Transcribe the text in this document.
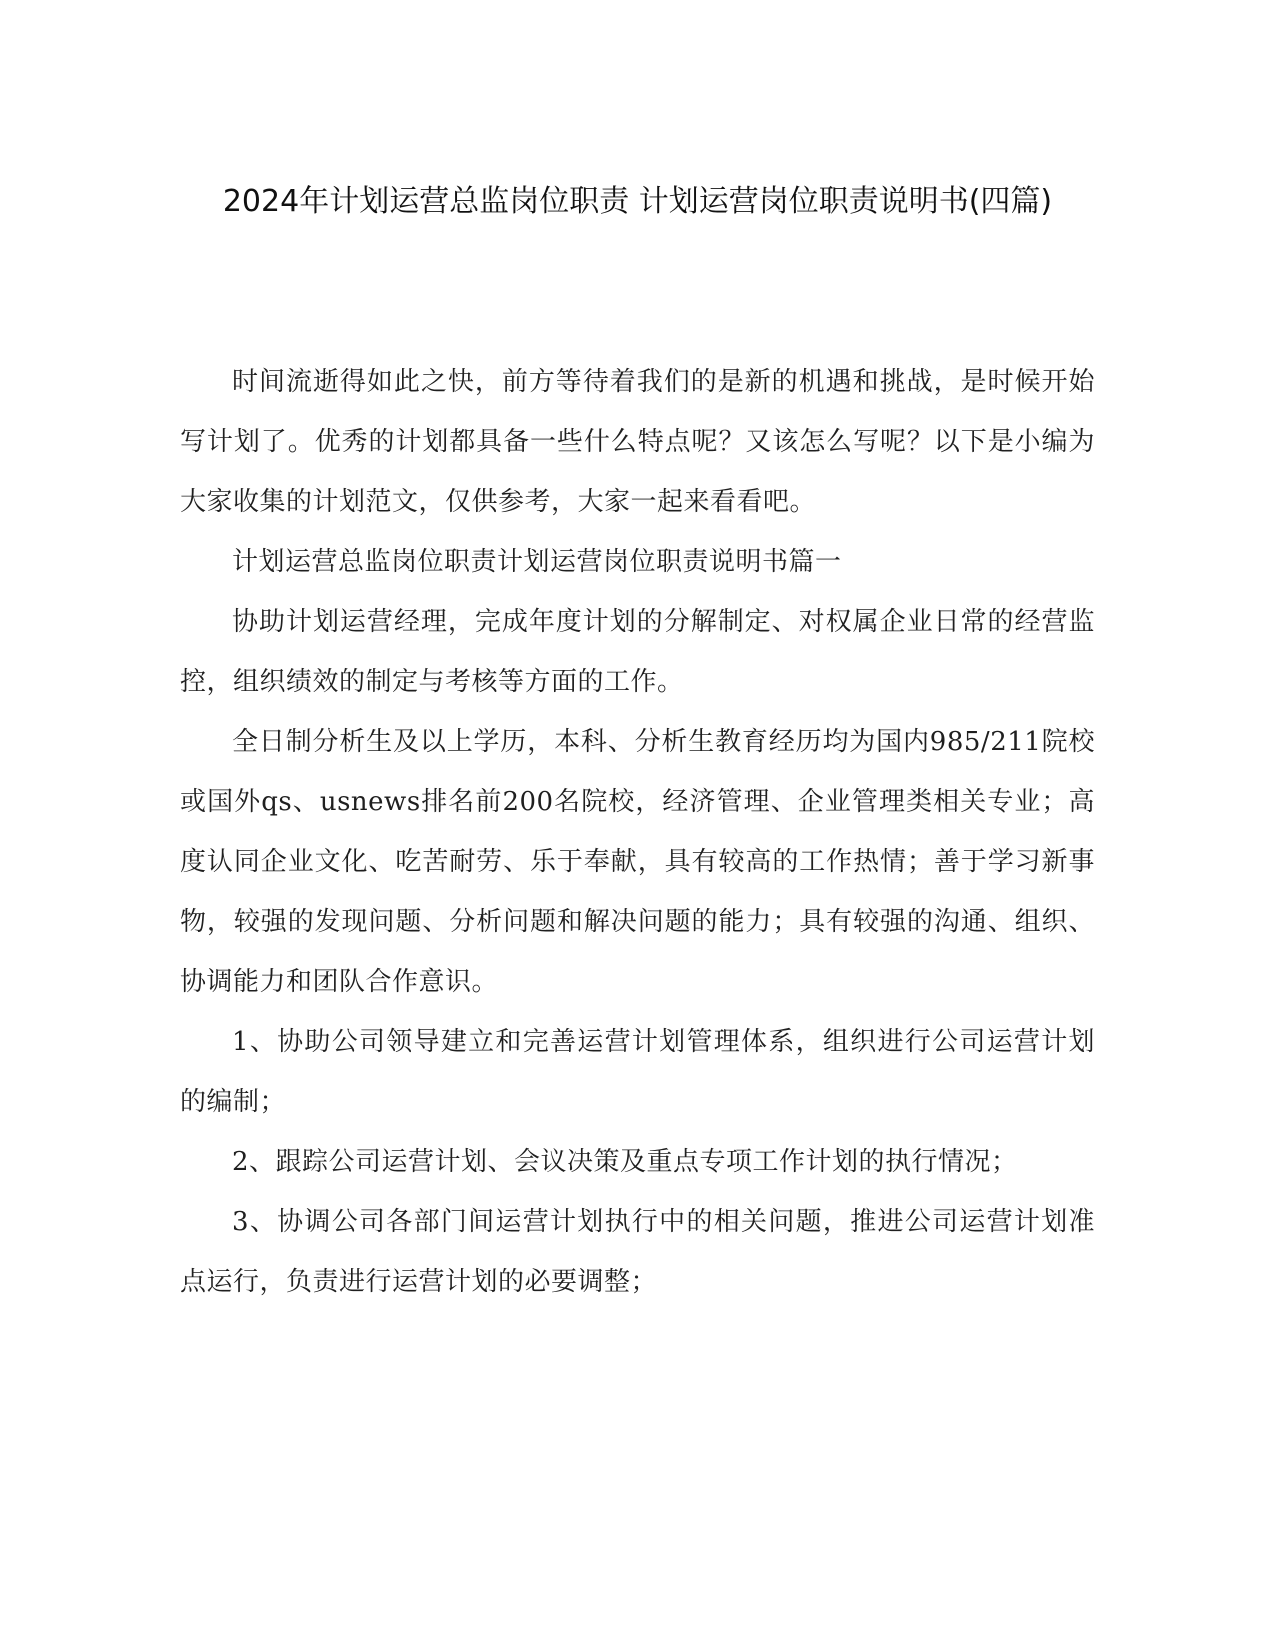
2024年计划运营总监岗位职责 计划运营岗位职责说明书(四篇)

时间流逝得如此之快，前方等待着我们的是新的机遇和挑战，是时候开始写计划了。优秀的计划都具备一些什么特点呢？又该怎么写呢？以下是小编为大家收集的计划范文，仅供参考，大家一起来看看吧。

计划运营总监岗位职责计划运营岗位职责说明书篇一

协助计划运营经理，完成年度计划的分解制定、对权属企业日常的经营监控，组织绩效的制定与考核等方面的工作。

全日制分析生及以上学历，本科、分析生教育经历均为国内985/211院校或国外qs、usnews排名前200名院校，经济管理、企业管理类相关专业；高度认同企业文化、吃苦耐劳、乐于奉献，具有较高的工作热情；善于学习新事物，较强的发现问题、分析问题和解决问题的能力；具有较强的沟通、组织、协调能力和团队合作意识。

1、协助公司领导建立和完善运营计划管理体系，组织进行公司运营计划的编制；

2、跟踪公司运营计划、会议决策及重点专项工作计划的执行情况；

3、协调公司各部门间运营计划执行中的相关问题，推进公司运营计划准点运行，负责进行运营计划的必要调整；
